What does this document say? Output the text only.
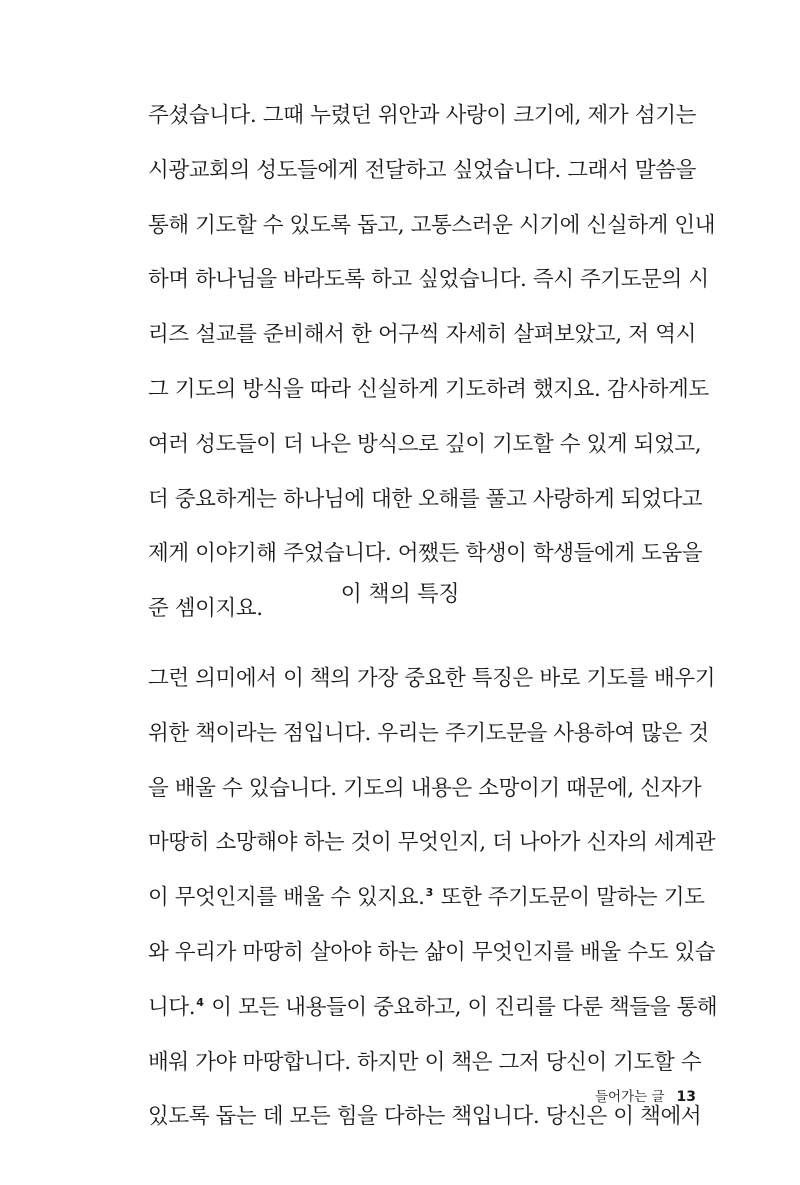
주셨습니다. 그때 누렸던 위안과 사랑이 크기에, 제가 섬기는
시광교회의 성도들에게 전달하고 싶었습니다. 그래서 말씀을
통해 기도할 수 있도록 돕고, 고통스러운 시기에 신실하게 인내
하며 하나님을 바라도록 하고 싶었습니다. 즉시 주기도문의 시
리즈 설교를 준비해서 한 어구씩 자세히 살펴보았고, 저 역시
그 기도의 방식을 따라 신실하게 기도하려 했지요. 감사하게도
여러 성도들이 더 나은 방식으로 깊이 기도할 수 있게 되었고,
더 중요하게는 하나님에 대한 오해를 풀고 사랑하게 되었다고
제게 이야기해 주었습니다. 어쨌든 학생이 학생들에게 도움을
준 셈이지요.
이 책의 특징
그런 의미에서 이 책의 가장 중요한 특징은 바로 기도를 배우기
위한 책이라는 점입니다. 우리는 주기도문을 사용하여 많은 것
을 배울 수 있습니다. 기도의 내용은 소망이기 때문에, 신자가
마땅히 소망해야 하는 것이 무엇인지, 더 나아가 신자의 세계관
이 무엇인지를 배울 수 있지요.$^3$ 또한 주기도문이 말하는 기도
와 우리가 마땅히 살아야 하는 삶이 무엇인지를 배울 수도 있습
니다.$^4$ 이 모든 내용들이 중요하고, 이 진리를 다룬 책들을 통해
배워 가야 마땅합니다. 하지만 이 책은 그저 당신이 기도할 수
있도록 돕는 데 모든 힘을 다하는 책입니다. 당신은 이 책에서
들어가는 글 13
